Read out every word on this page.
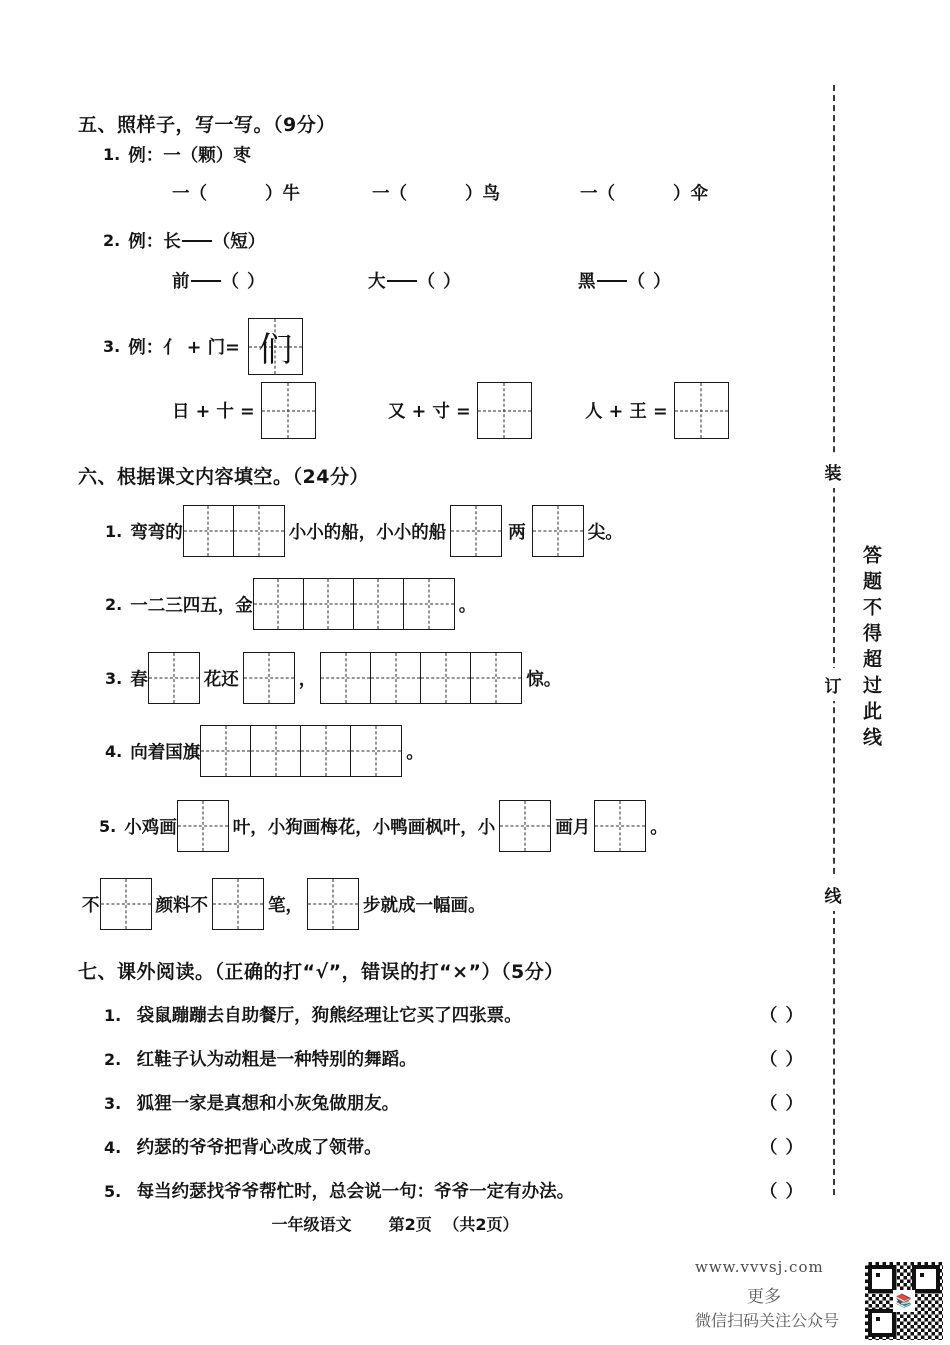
五、照样子，写一写。（9分）
1. 例： 一（颗）枣
一（	）牛	一（	）鸟	一（	）伞
2. 例： 长 （短）
前 （ ）	大 （ ）	黑 （ ）
3. 例： 亻 + 门= 们
日 + 十 =	又 + 寸 =	人 + 王 =
六、根据课文内容填空。（24分）
1. 弯弯的	小小的船，小小的船	两	尖。
2. 一二三四五，金	。
3. 春	花还	，	惊。
4. 向着国旗	。
5. 小鸡画	叶，小狗画梅花，小鸭画枫叶，小	画月	。
不	颜料不	笔，	步就成一幅画。
七、课外阅读。（正确的打“√”，错误的打“×”）（5分）
1. 袋鼠蹦蹦去自助餐厅，狗熊经理让它买了四张票。	（ ）
2. 红鞋子认为动粗是一种特别的舞蹈。	（ ）
3. 狐狸一家是真想和小灰兔做朋友。	（ ）
4. 约瑟的爷爷把背心改成了领带。	（ ）
5. 每当约瑟找爷爷帮忙时，总会说一句：爷爷一定有办法。	（ ）
装
订
线
答题不得超过此线
一年级语文 第2页 （共2页）
www.vvvsj.com
更多
微信扫码关注公众号
📚
